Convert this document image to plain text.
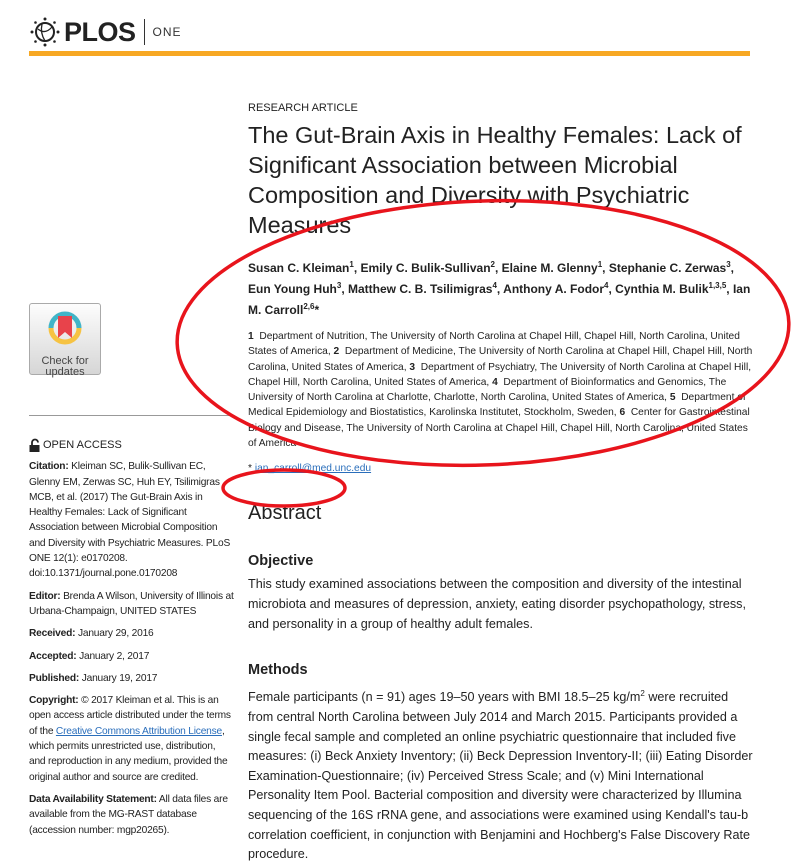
PLOS ONE
Check for
updates
OPEN ACCESS

Citation: Kleiman SC, Bulik-Sullivan EC, Glenny EM, Zerwas SC, Huh EY, Tsilimigras MCB, et al. (2017) The Gut-Brain Axis in Healthy Females: Lack of Significant Association between Microbial Composition and Diversity with Psychiatric Measures. PLoS ONE 12(1): e0170208. doi:10.1371/journal.pone.0170208

Editor: Brenda A Wilson, University of Illinois at Urbana-Champaign, UNITED STATES

Received: January 29, 2016

Accepted: January 2, 2017

Published: January 19, 2017

Copyright: © 2017 Kleiman et al. This is an open access article distributed under the terms of the Creative Commons Attribution License, which permits unrestricted use, distribution, and reproduction in any medium, provided the original author and source are credited.

Data Availability Statement: All data files are available from the MG-RAST database (accession number: mgp20265).

RESEARCH ARTICLE
The Gut-Brain Axis in Healthy Females: Lack of Significant Association between Microbial Composition and Diversity with Psychiatric Measures
Susan C. Kleiman$^1$, Emily C. Bulik-Sullivan$^2$, Elaine M. Glenny$^1$, Stephanie C. Zerwas$^3$, Eun Young Huh$^3$, Matthew C. B. Tsilimigras$^4$, Anthony A. Fodor$^4$, Cynthia M. Bulik$^{1,3,5}$, Ian M. Carroll$^{2,6}$*
1 Department of Nutrition, The University of North Carolina at Chapel Hill, Chapel Hill, North Carolina, United States of America, 2 Department of Medicine, The University of North Carolina at Chapel Hill, Chapel Hill, North Carolina, United States of America, 3 Department of Psychiatry, The University of North Carolina at Chapel Hill, Chapel Hill, North Carolina, United States of America, 4 Department of Bioinformatics and Genomics, The University of North Carolina at Charlotte, Charlotte, North Carolina, United States of America, 5 Department of Medical Epidemiology and Biostatistics, Karolinska Institutet, Stockholm, Sweden, 6 Center for Gastrointestinal Biology and Disease, The University of North Carolina at Chapel Hill, Chapel Hill, North Carolina, United States of America
* ian_carroll@med.unc.edu
Abstract
Objective

This study examined associations between the composition and diversity of the intestinal microbiota and measures of depression, anxiety, eating disorder psychopathology, stress, and personality in a group of healthy adult females.

Methods

Female participants (n = 91) ages 19–50 years with BMI 18.5–25 $kg/m^2$ were recruited from central North Carolina between July 2014 and March 2015. Participants provided a single fecal sample and completed an online psychiatric questionnaire that included five measures: (i) Beck Anxiety Inventory; (ii) Beck Depression Inventory-II; (iii) Eating Disorder Examination-Questionnaire; (iv) Perceived Stress Scale; and (v) Mini International Personality Item Pool. Bacterial composition and diversity were characterized by Illumina sequencing of the 16S rRNA gene, and associations were examined using Kendall's tau-b correlation coefficient, in conjunction with Benjamini and Hochberg's False Discovery Rate procedure.
